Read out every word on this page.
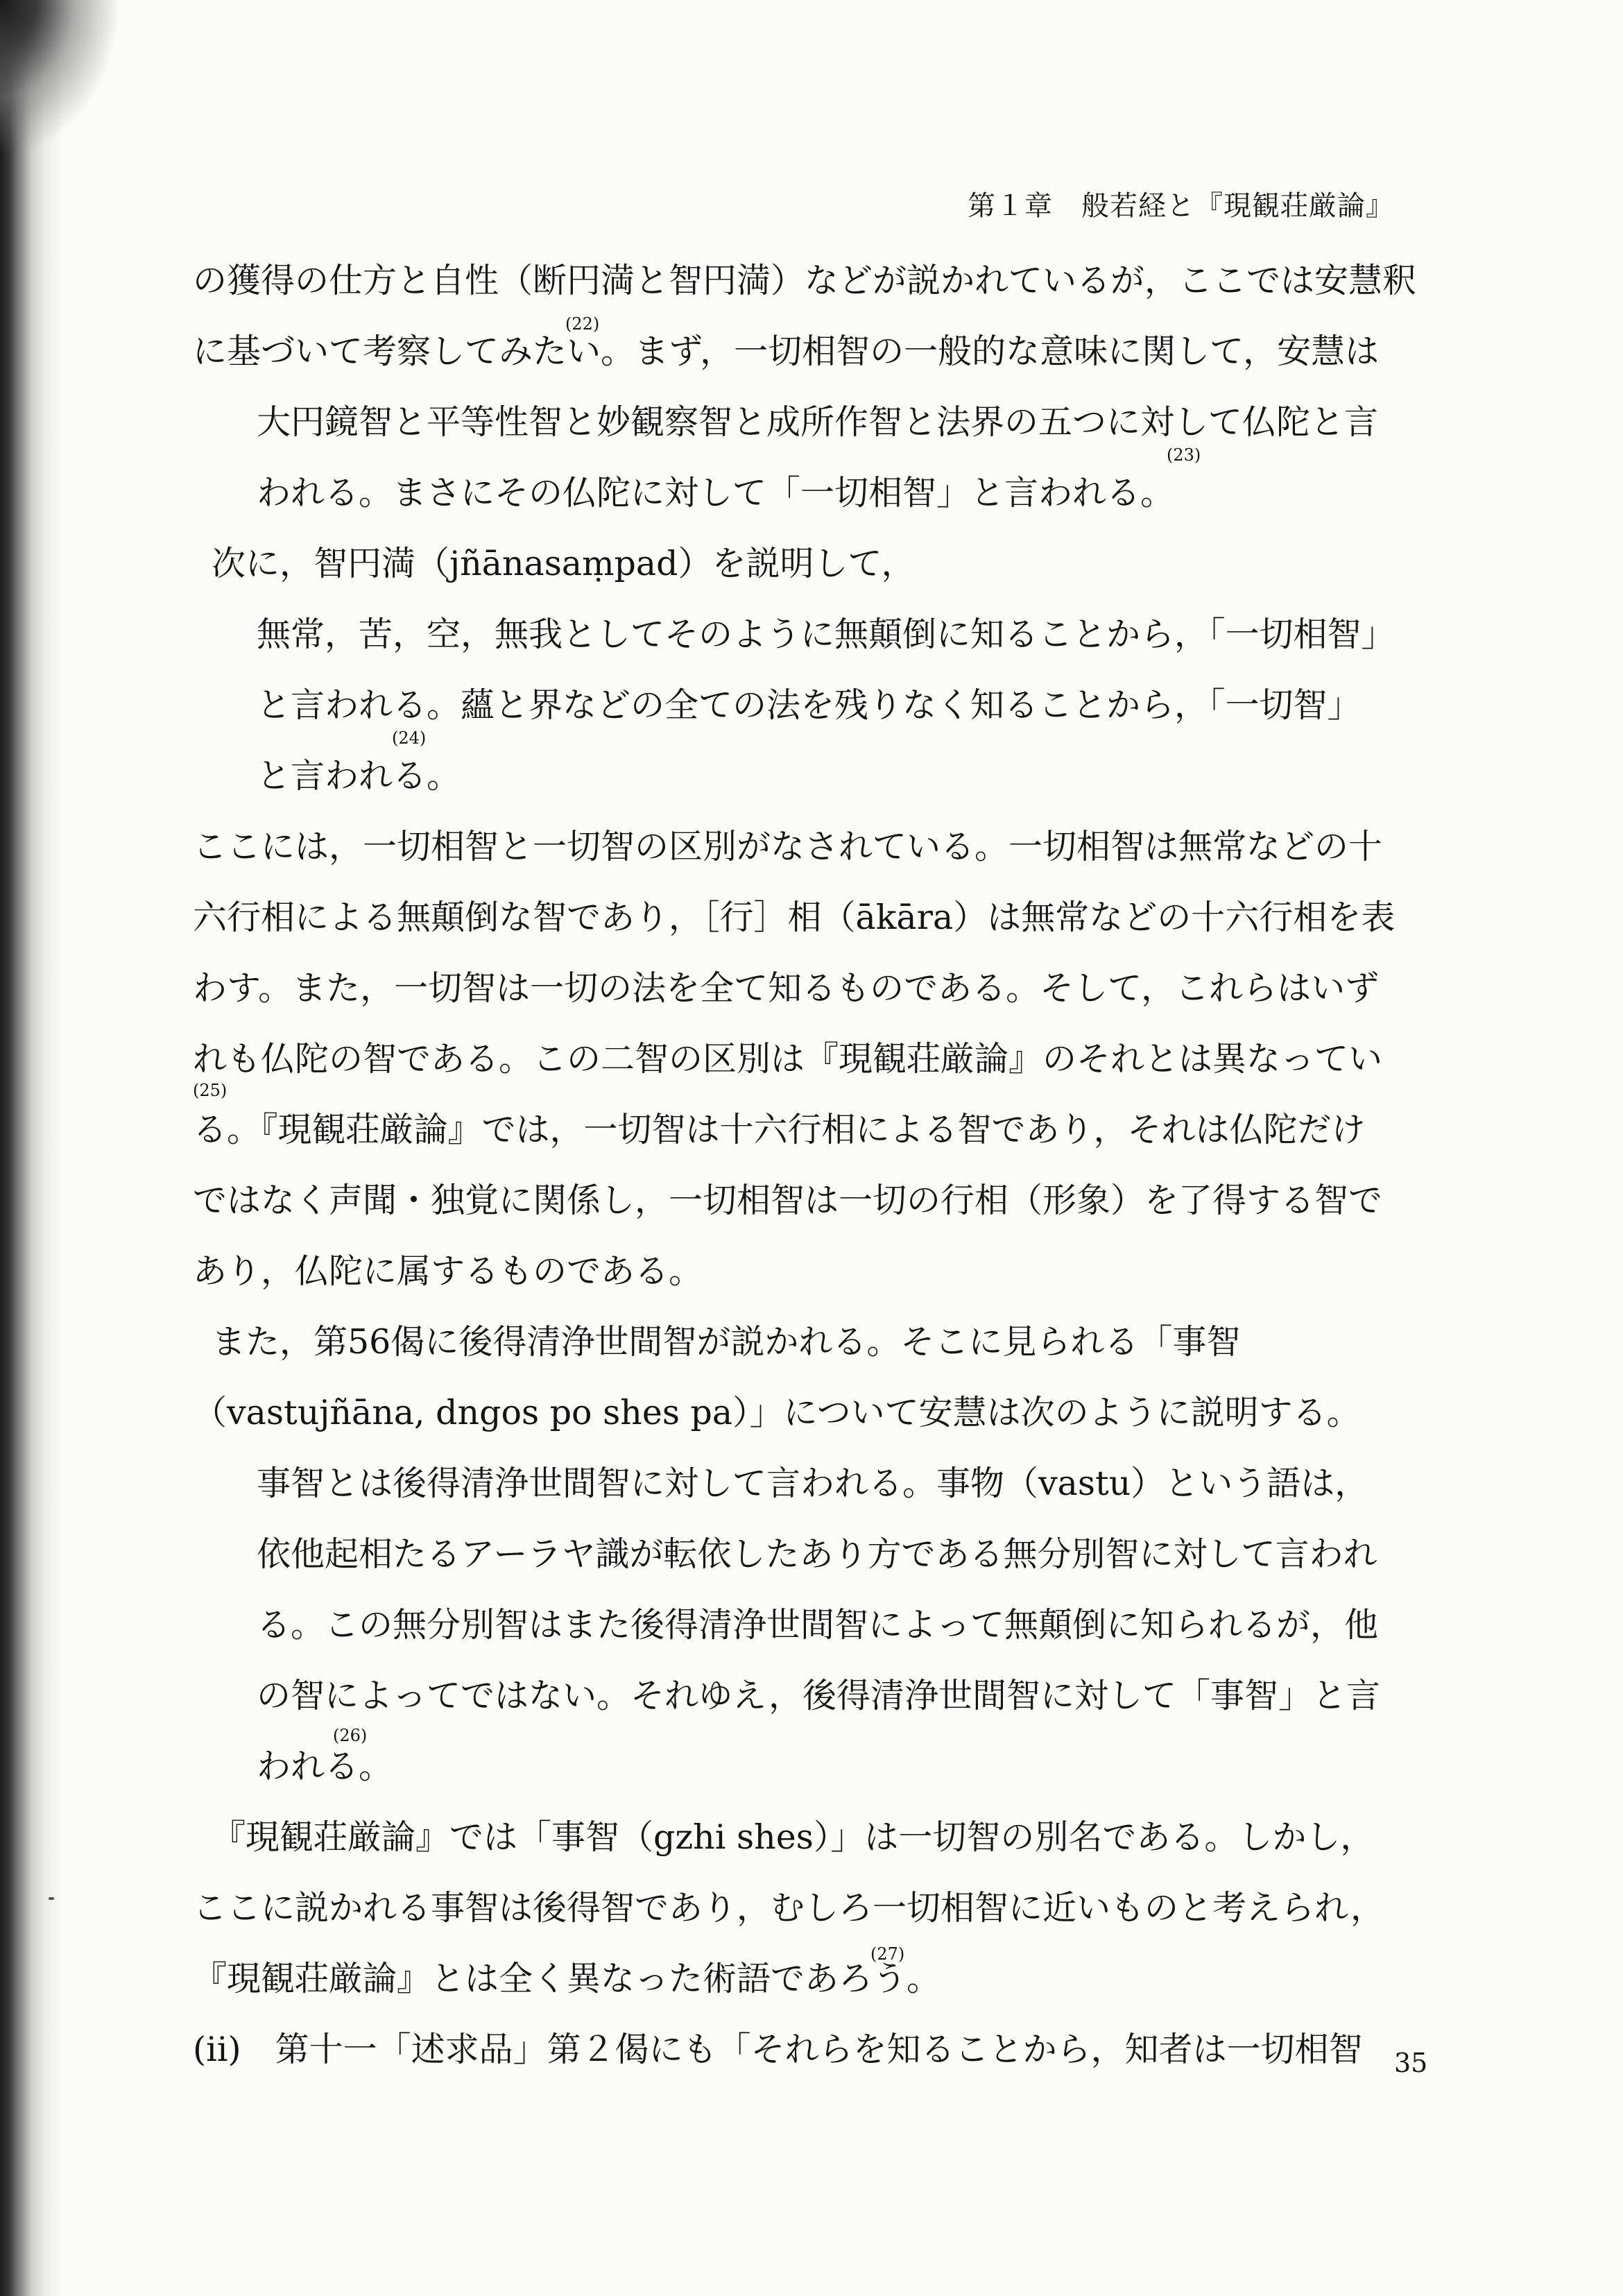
第１章　般若経と『現観荘厳論』
の獲得の仕方と自性（断円満と智円満）などが説かれているが，ここでは安慧釈
に基づいて考察してみたい。まず，一切相智の一般的な意味に関して，安慧は
大円鏡智と平等性智と妙観察智と成所作智と法界の五つに対して仏陀と言
われる。まさにその仏陀に対して「一切相智」と言われる。
次に，智円満（jñānasaṃpad）を説明して，
無常，苦，空，無我としてそのように無顛倒に知ることから，「一切相智」
と言われる。蘊と界などの全ての法を残りなく知ることから，「一切智」
と言われる。
ここには，一切相智と一切智の区別がなされている。一切相智は無常などの十
六行相による無顛倒な智であり，［行］相（ākāra）は無常などの十六行相を表
わす。また，一切智は一切の法を全て知るものである。そして，これらはいず
れも仏陀の智である。この二智の区別は『現観荘厳論』のそれとは異なってい
る。『現観荘厳論』では，一切智は十六行相による智であり，それは仏陀だけ
ではなく声聞・独覚に関係し，一切相智は一切の行相（形象）を了得する智で
あり，仏陀に属するものである。
また，第56偈に後得清浄世間智が説かれる。そこに見られる「事智
（vastujñāna, dngos po shes pa）」について安慧は次のように説明する。
事智とは後得清浄世間智に対して言われる。事物（vastu）という語は，
依他起相たるアーラヤ識が転依したあり方である無分別智に対して言われ
る。この無分別智はまた後得清浄世間智によって無顛倒に知られるが，他
の智によってではない。それゆえ，後得清浄世間智に対して「事智」と言
われる。
『現観荘厳論』では「事智（gzhi shes）」は一切智の別名である。しかし，
ここに説かれる事智は後得智であり，むしろ一切相智に近いものと考えられ，
『現観荘厳論』とは全く異なった術語であろう。
(ii)　第十一「述求品」第２偈にも「それらを知ることから，知者は一切相智
(22)
(23)
(24)
(25)
(26)
(27)
35
